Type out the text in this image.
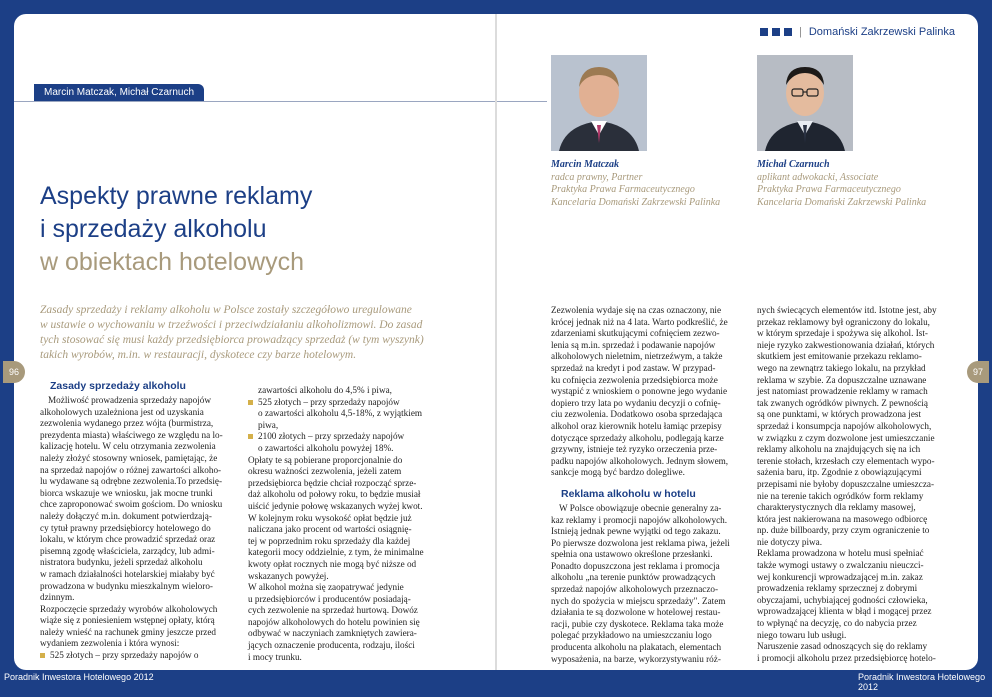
96	97
| Domański Zakrzewski Palinka
Marcin Matczak, Michał Czarnuch
Aspekty prawne reklamy
i sprzedaży alkoholu
w obiektach hotelowych
Zasady sprzedaży i reklamy alkoholu w Polsce zostały szczegółowo uregulowane
w ustawie o wychowaniu w trzeźwości i przeciwdziałaniu alkoholizmowi. Do zasad
tych stosować się musi każdy przedsiębiorca prowadzący sprzedaż (w tym wyszynk)
takich wyrobów, m.in. w restauracji, dyskotece czy barze hotelowym.
Zasady sprzedaży alkoholu
Możliwość prowadzenia sprzedaży napojów
alkoholowych uzależniona jest od uzyskania
zezwolenia wydanego przez wójta (burmistrza,
prezydenta miasta) właściwego ze względu na lo-
kalizację hotelu. W celu otrzymania zezwolenia
należy złożyć stosowny wniosek, pamiętając, że
na sprzedaż napojów o różnej zawartości alkoho-
lu wydawane są odrębne zezwolenia.To przedsię-
biorca wskazuje we wniosku, jak mocne trunki
chce zaproponować swoim gościom. Do wniosku
należy dołączyć m.in. dokument potwierdzają-
cy tytuł prawny przedsiębiorcy hotelowego do
lokalu, w którym chce prowadzić sprzedaż oraz
pisemną zgodę właściciela, zarządcy, lub admi-
nistratora budynku, jeżeli sprzedaż alkoholu
w ramach działalności hotelarskiej miałaby być
prowadzona w budynku mieszkalnym wieloro-
dzinnym.
Rozpoczęcie sprzedaży wyrobów alkoholowych
wiąże się z poniesieniem wstępnej opłaty, którą
należy wnieść na rachunek gminy jeszcze przed
wydaniem zezwolenia i która wynosi:
525 złotych – przy sprzedaży napojów o
zawartości alkoholu do 4,5% i piwa,
525 złotych – przy sprzedaży napojów
o zawartości alkoholu 4,5-18%, z wyjątkiem
piwa,
2100 złotych – przy sprzedaży napojów
o zawartości alkoholu powyżej 18%.
Opłaty te są pobierane proporcjonalnie do
okresu ważności zezwolenia, jeżeli zatem
przedsiębiorca będzie chciał rozpocząć sprze-
daż alkoholu od połowy roku, to będzie musiał
uiścić jedynie połowę wskazanych wyżej kwot.
W kolejnym roku wysokość opłat będzie już
naliczana jako procent od wartości osiągnię-
tej w poprzednim roku sprzedaży dla każdej
kategorii mocy oddzielnie, z tym, że minimalne
kwoty opłat rocznych nie mogą być niższe od
wskazanych powyżej.
W alkohol można się zaopatrywać jedynie
u przedsiębiorców i producentów posiadają-
cych zezwolenie na sprzedaż hurtową. Dowóz
napojów alkoholowych do hotelu powinien się
odbywać w naczyniach zamkniętych zawiera-
jących oznaczenie producenta, rodzaju, ilości
i mocy trunku.
Marcin Matczak
radca prawny, Partner
Praktyka Prawa Farmaceutycznego
Kancelaria Domański Zakrzewski Palinka
Michał Czarnuch
aplikant adwokacki, Associate
Praktyka Prawa Farmaceutycznego
Kancelaria Domański Zakrzewski Palinka
Zezwolenia wydaje się na czas oznaczony, nie
krócej jednak niż na 4 lata. Warto podkreślić, że
zdarzeniami skutkującymi cofnięciem zezwo-
lenia są m.in. sprzedaż i podawanie napojów
alkoholowych nieletnim, nietrzeźwym, a także
sprzedaż na kredyt i pod zastaw. W przypad-
ku cofnięcia zezwolenia przedsiębiorca może
wystąpić z wnioskiem o ponowne jego wydanie
dopiero trzy lata po wydaniu decyzji o cofnię-
ciu zezwolenia. Dodatkowo osoba sprzedająca
alkohol oraz kierownik hotelu łamiąc przepisy
dotyczące sprzedaży alkoholu, podlegają karze
grzywny, istnieje też ryzyko orzeczenia prze-
padku napojów alkoholowych. Jednym słowem,
sankcje mogą być bardzo dolegliwe.
Reklama alkoholu w hotelu
W Polsce obowiązuje obecnie generalny za-
kaz reklamy i promocji napojów alkoholowych.
Istnieją jednak pewne wyjątki od tego zakazu.
Po pierwsze dozwolona jest reklama piwa, jeżeli
spełnia ona ustawowo określone przesłanki.
Ponadto dopuszczona jest reklama i promocja
alkoholu „na terenie punktów prowadzących
sprzedaż napojów alkoholowych przeznaczo-
nych do spożycia w miejscu sprzedaży". Zatem
działania te są dozwolone w hotelowej restau-
racji, pubie czy dyskotece. Reklama taka może
polegać przykładowo na umieszczaniu logo
producenta alkoholu na plakatach, elementach
wyposażenia, na barze, wykorzystywaniu róż-
nych świecących elementów itd. Istotne jest, aby
przekaz reklamowy był ograniczony do lokalu,
w którym sprzedaje i spożywa się alkohol. Ist-
nieje ryzyko zakwestionowania działań, których
skutkiem jest emitowanie przekazu reklamo-
wego na zewnątrz takiego lokalu, na przykład
reklama w szybie. Za dopuszczalne uznawane
jest natomiast prowadzenie reklamy w ramach
tak zwanych ogródków piwnych. Z pewnością
są one punktami, w których prowadzona jest
sprzedaż i konsumpcja napojów alkoholowych,
w związku z czym dozwolone jest umieszczanie
reklamy alkoholu na znajdujących się na ich
terenie stołach, krzesłach czy elementach wypo-
sażenia baru, itp. Zgodnie z obowiązującymi
przepisami nie byłoby dopuszczalne umieszcza-
nie na terenie takich ogródków form reklamy
charakterystycznych dla reklamy masowej,
która jest nakierowana na masowego odbiorcę
np. duże billboardy, przy czym ograniczenie to
nie dotyczy piwa.
Reklama prowadzona w hotelu musi spełniać
także wymogi ustawy o zwalczaniu nieuczci-
wej konkurencji wprowadzającej m.in. zakaz
prowadzenia reklamy sprzecznej z dobrymi
obyczajami, uchybiającej godności człowieka,
wprowadzającej klienta w błąd i mogącej przez
to wpłynąć na decyzję, co do nabycia przez
niego towaru lub usługi.
Naruszenie zasad odnoszących się do reklamy
i promocji alkoholu przez przedsiębiorcę hotelo-
Poradnik Inwestora Hotelowego 2012	Poradnik Inwestora Hotelowego 2012
